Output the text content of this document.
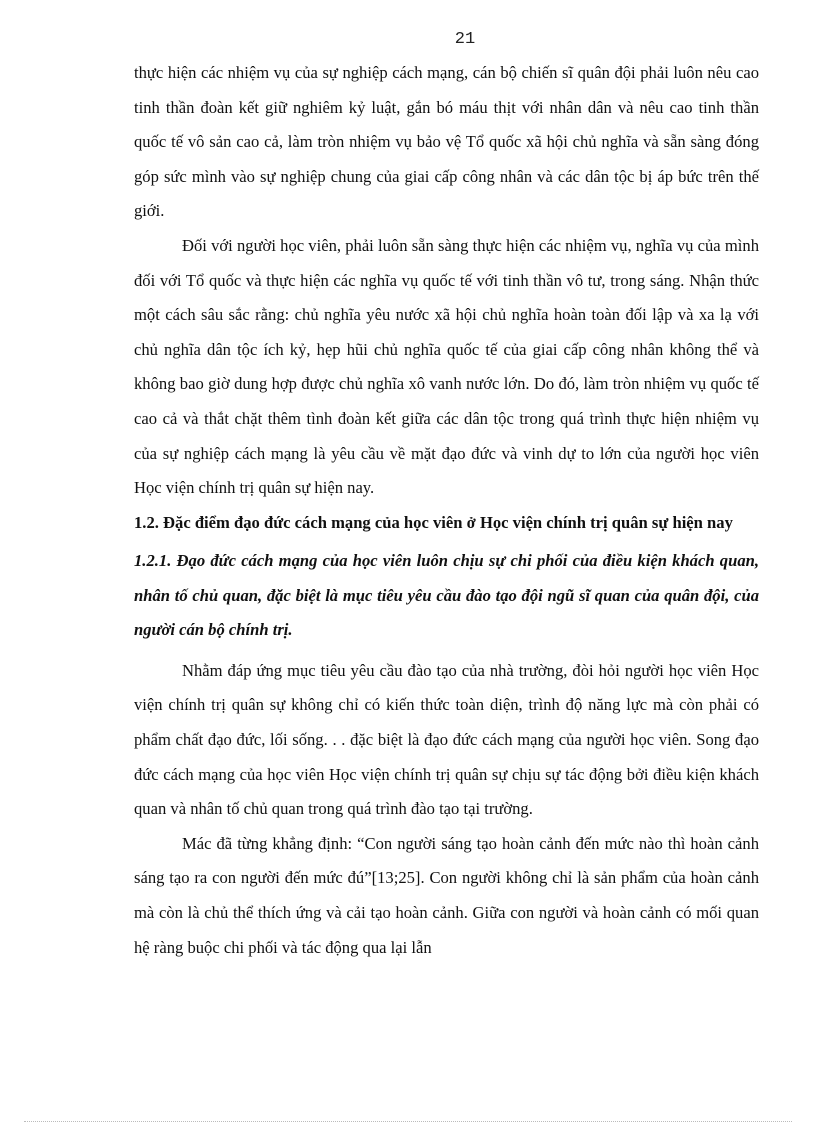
21

thực hiện các nhiệm vụ của sự nghiệp cách mạng, cán bộ chiến sĩ quân đội phải luôn nêu cao tinh thần đoàn kết giữ nghiêm kỷ luật, gắn bó máu thịt với nhân dân và nêu cao tinh thần quốc tế vô sản cao cả, làm tròn nhiệm vụ bảo vệ Tổ quốc xã hội chủ nghĩa và sẵn sàng đóng góp sức mình vào sự nghiệp chung của giai cấp công nhân và các dân tộc bị áp bức trên thế giới.

Đối với người học viên, phải luôn sẵn sàng thực hiện các nhiệm vụ, nghĩa vụ của mình đối với Tổ quốc và thực hiện các nghĩa vụ quốc tế với tinh thần vô tư, trong sáng. Nhận thức một cách sâu sắc rằng: chủ nghĩa yêu nước xã hội chủ nghĩa hoàn toàn đối lập và xa lạ với chủ nghĩa dân tộc ích kỷ, hẹp hũi chủ nghĩa quốc tế của giai cấp công nhân không thể và không bao giờ dung hợp được chủ nghĩa xô vanh nước lớn. Do đó, làm tròn nhiệm vụ quốc tế cao cả và thắt chặt thêm tình đoàn kết giữa các dân tộc trong quá trình thực hiện nhiệm vụ của sự nghiệp cách mạng là yêu cầu về mặt đạo đức và vinh dự to lớn của người học viên Học viện chính trị quân sự hiện nay.

1.2. Đặc điểm đạo đức cách mạng của học viên ở Học viện chính trị quân sự hiện nay

1.2.1. Đạo đức cách mạng của học viên luôn chịu sự chi phối của điều kiện khách quan, nhân tố chủ quan, đặc biệt là mục tiêu yêu cầu đào tạo đội ngũ sĩ quan của quân đội, của người cán bộ chính trị.

Nhằm đáp ứng mục tiêu yêu cầu đào tạo của nhà trường, đòi hỏi người học viên Học viện chính trị quân sự không chỉ có kiến thức toàn diện, trình độ năng lực mà còn phải có phẩm chất đạo đức, lối sống. . . đặc biệt là đạo đức cách mạng của người học viên. Song đạo đức cách mạng của học viên Học viện chính trị quân sự chịu sự tác động bởi điều kiện khách quan và nhân tố chủ quan trong quá trình đào tạo tại trường.

Mác đã từng khẳng định: “Con người sáng tạo hoàn cảnh đến mức nào thì hoàn cảnh sáng tạo ra con người đến mức đú”[13;25]. Con người không chỉ là sản phẩm của hoàn cảnh mà còn là chủ thể thích ứng và cải tạo hoàn cảnh. Giữa con người và hoàn cảnh có mối quan hệ ràng buộc chi phối và tác động qua lại lẫn
